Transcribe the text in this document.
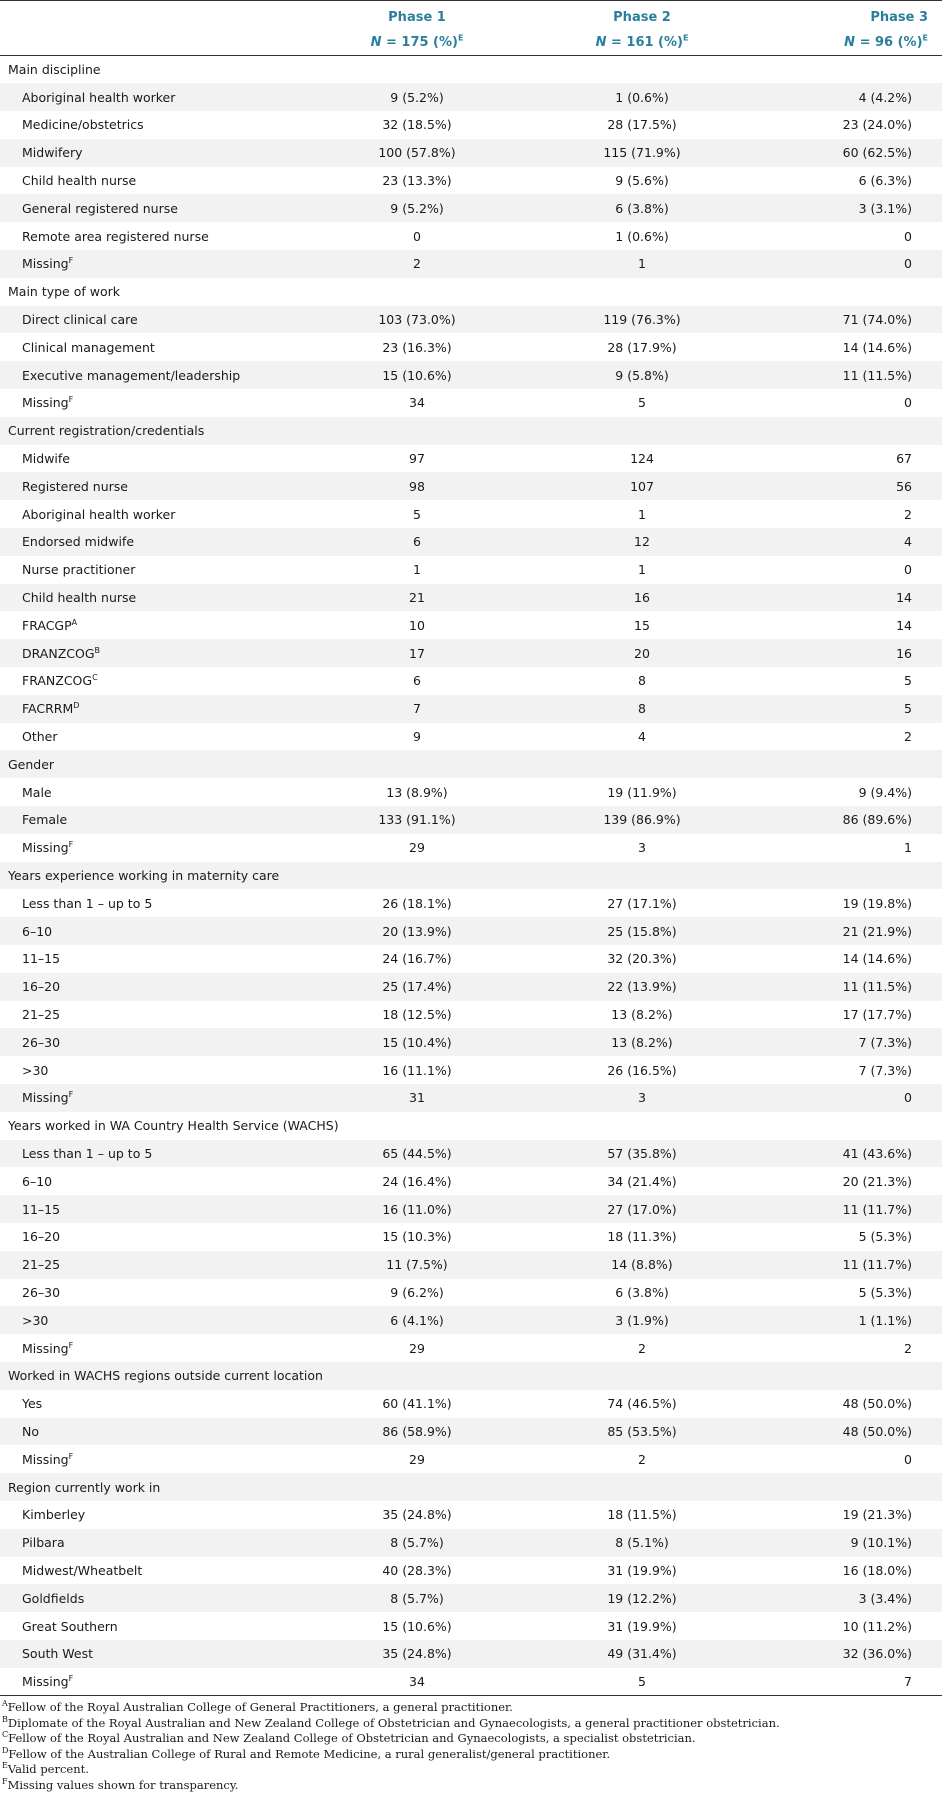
	Phase 1	Phase 2	Phase 3
	N = 175 (%)$^E$	N = 161 (%)$^E$	N = 96 (%)$^E$
Main discipline			
Aboriginal health worker	9 (5.2%)	1 (0.6%)	4 (4.2%)
Medicine/obstetrics	32 (18.5%)	28 (17.5%)	23 (24.0%)
Midwifery	100 (57.8%)	115 (71.9%)	60 (62.5%)
Child health nurse	23 (13.3%)	9 (5.6%)	6 (6.3%)
General registered nurse	9 (5.2%)	6 (3.8%)	3 (3.1%)
Remote area registered nurse	0	1 (0.6%)	0
Missing$^F$	2	1	0
Main type of work			
Direct clinical care	103 (73.0%)	119 (76.3%)	71 (74.0%)
Clinical management	23 (16.3%)	28 (17.9%)	14 (14.6%)
Executive management/leadership	15 (10.6%)	9 (5.8%)	11 (11.5%)
Missing$^F$	34	5	0
Current registration/credentials			
Midwife	97	124	67
Registered nurse	98	107	56
Aboriginal health worker	5	1	2
Endorsed midwife	6	12	4
Nurse practitioner	1	1	0
Child health nurse	21	16	14
$FRACGP^A$	10	15	14
$DRANZCOG^B$	17	20	16
$FRANZCOG^C$	6	8	5
$FACRRM^D$	7	8	5
Other	9	4	2
Gender			
Male	13 (8.9%)	19 (11.9%)	9 (9.4%)
Female	133 (91.1%)	139 (86.9%)	86 (89.6%)
Missing$^F$	29	3	1
Years experience working in maternity care			
Less than 1 – up to 5	26 (18.1%)	27 (17.1%)	19 (19.8%)
6–10	20 (13.9%)	25 (15.8%)	21 (21.9%)
11–15	24 (16.7%)	32 (20.3%)	14 (14.6%)
16–20	25 (17.4%)	22 (13.9%)	11 (11.5%)
21–25	18 (12.5%)	13 (8.2%)	17 (17.7%)
26–30	15 (10.4%)	13 (8.2%)	7 (7.3%)
>30	16 (11.1%)	26 (16.5%)	7 (7.3%)
Missing$^F$	31	3	0
Years worked in WA Country Health Service (WACHS)			
Less than 1 – up to 5	65 (44.5%)	57 (35.8%)	41 (43.6%)
6–10	24 (16.4%)	34 (21.4%)	20 (21.3%)
11–15	16 (11.0%)	27 (17.0%)	11 (11.7%)
16–20	15 (10.3%)	18 (11.3%)	5 (5.3%)
21–25	11 (7.5%)	14 (8.8%)	11 (11.7%)
26–30	9 (6.2%)	6 (3.8%)	5 (5.3%)
>30	6 (4.1%)	3 (1.9%)	1 (1.1%)
Missing$^F$	29	2	2
Worked in WACHS regions outside current location			
Yes	60 (41.1%)	74 (46.5%)	48 (50.0%)
No	86 (58.9%)	85 (53.5%)	48 (50.0%)
Missing$^F$	29	2	0
Region currently work in			
Kimberley	35 (24.8%)	18 (11.5%)	19 (21.3%)
Pilbara	8 (5.7%)	8 (5.1%)	9 (10.1%)
Midwest/Wheatbelt	40 (28.3%)	31 (19.9%)	16 (18.0%)
Goldfields	8 (5.7%)	19 (12.2%)	3 (3.4%)
Great Southern	15 (10.6%)	31 (19.9%)	10 (11.2%)
South West	35 (24.8%)	49 (31.4%)	32 (36.0%)
Missing$^F$	34	5	7
$^A$Fellow of the Royal Australian College of General Practitioners, a general practitioner.
$^B$Diplomate of the Royal Australian and New Zealand College of Obstetrician and Gynaecologists, a general practitioner obstetrician.
$^C$Fellow of the Royal Australian and New Zealand College of Obstetrician and Gynaecologists, a specialist obstetrician.
$^D$Fellow of the Australian College of Rural and Remote Medicine, a rural generalist/general practitioner.
$^E$Valid percent.
$^F$Missing values shown for transparency.
